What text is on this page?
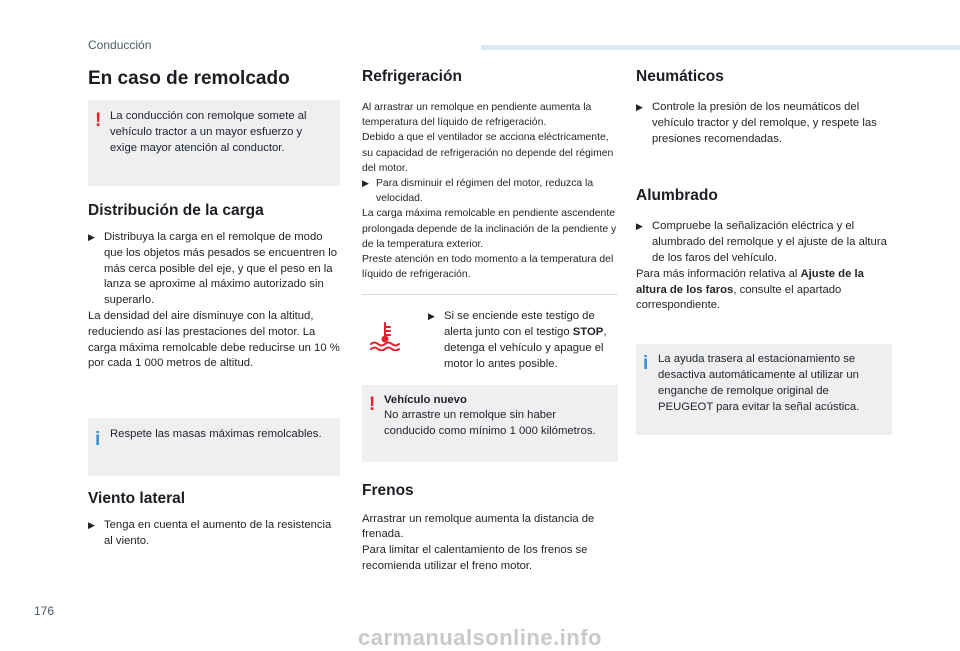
Conducción
En caso de remolcado
! La conducción con remolque somete al vehículo tractor a un mayor esfuerzo y exige mayor atención al conductor.

Distribución de la carga
▶ Distribuya la carga en el remolque de modo que los objetos más pesados se encuentren lo más cerca posible del eje, y que el peso en la lanza se aproxime al máximo autorizado sin superarlo.

La densidad del aire disminuye con la altitud, reduciendo así las prestaciones del motor. La carga máxima remolcable debe reducirse un 10 % por cada 1 000 metros de altitud.

i Respete las masas máximas remolcables.

Viento lateral
▶ Tenga en cuenta el aumento de la resistencia al viento.
Refrigeración

Al arrastrar un remolque en pendiente aumenta la temperatura del líquido de refrigeración.

Debido a que el ventilador se acciona eléctricamente, su capacidad de refrigeración no depende del régimen del motor.

▶ Para disminuir el régimen del motor, reduzca la velocidad.

La carga máxima remolcable en pendiente ascendente prolongada depende de la inclinación de la pendiente y de la temperatura exterior.

Preste atención en todo momento a la temperatura del líquido de refrigeración.

▶ Si se enciende este testigo de alerta junto con el testigo STOP, detenga el vehículo y apague el motor lo antes posible.
! Vehículo nuevo

No arrastre un remolque sin haber conducido como mínimo 1 000 kilómetros.

Frenos

Arrastrar un remolque aumenta la distancia de frenada.

Para limitar el calentamiento de los frenos se recomienda utilizar el freno motor.

Neumáticos
▶ Controle la presión de los neumáticos del vehículo tractor y del remolque, y respete las presiones recomendadas.
Alumbrado
▶ Compruebe la señalización eléctrica y el alumbrado del remolque y el ajuste de la altura de los faros del vehículo.

Para más información relativa al Ajuste de la altura de los faros, consulte el apartado correspondiente.

i La ayuda trasera al estacionamiento se desactiva automáticamente al utilizar un enganche de remolque original de PEUGEOT para evitar la señal acústica.

176
carmanualsonline.info
